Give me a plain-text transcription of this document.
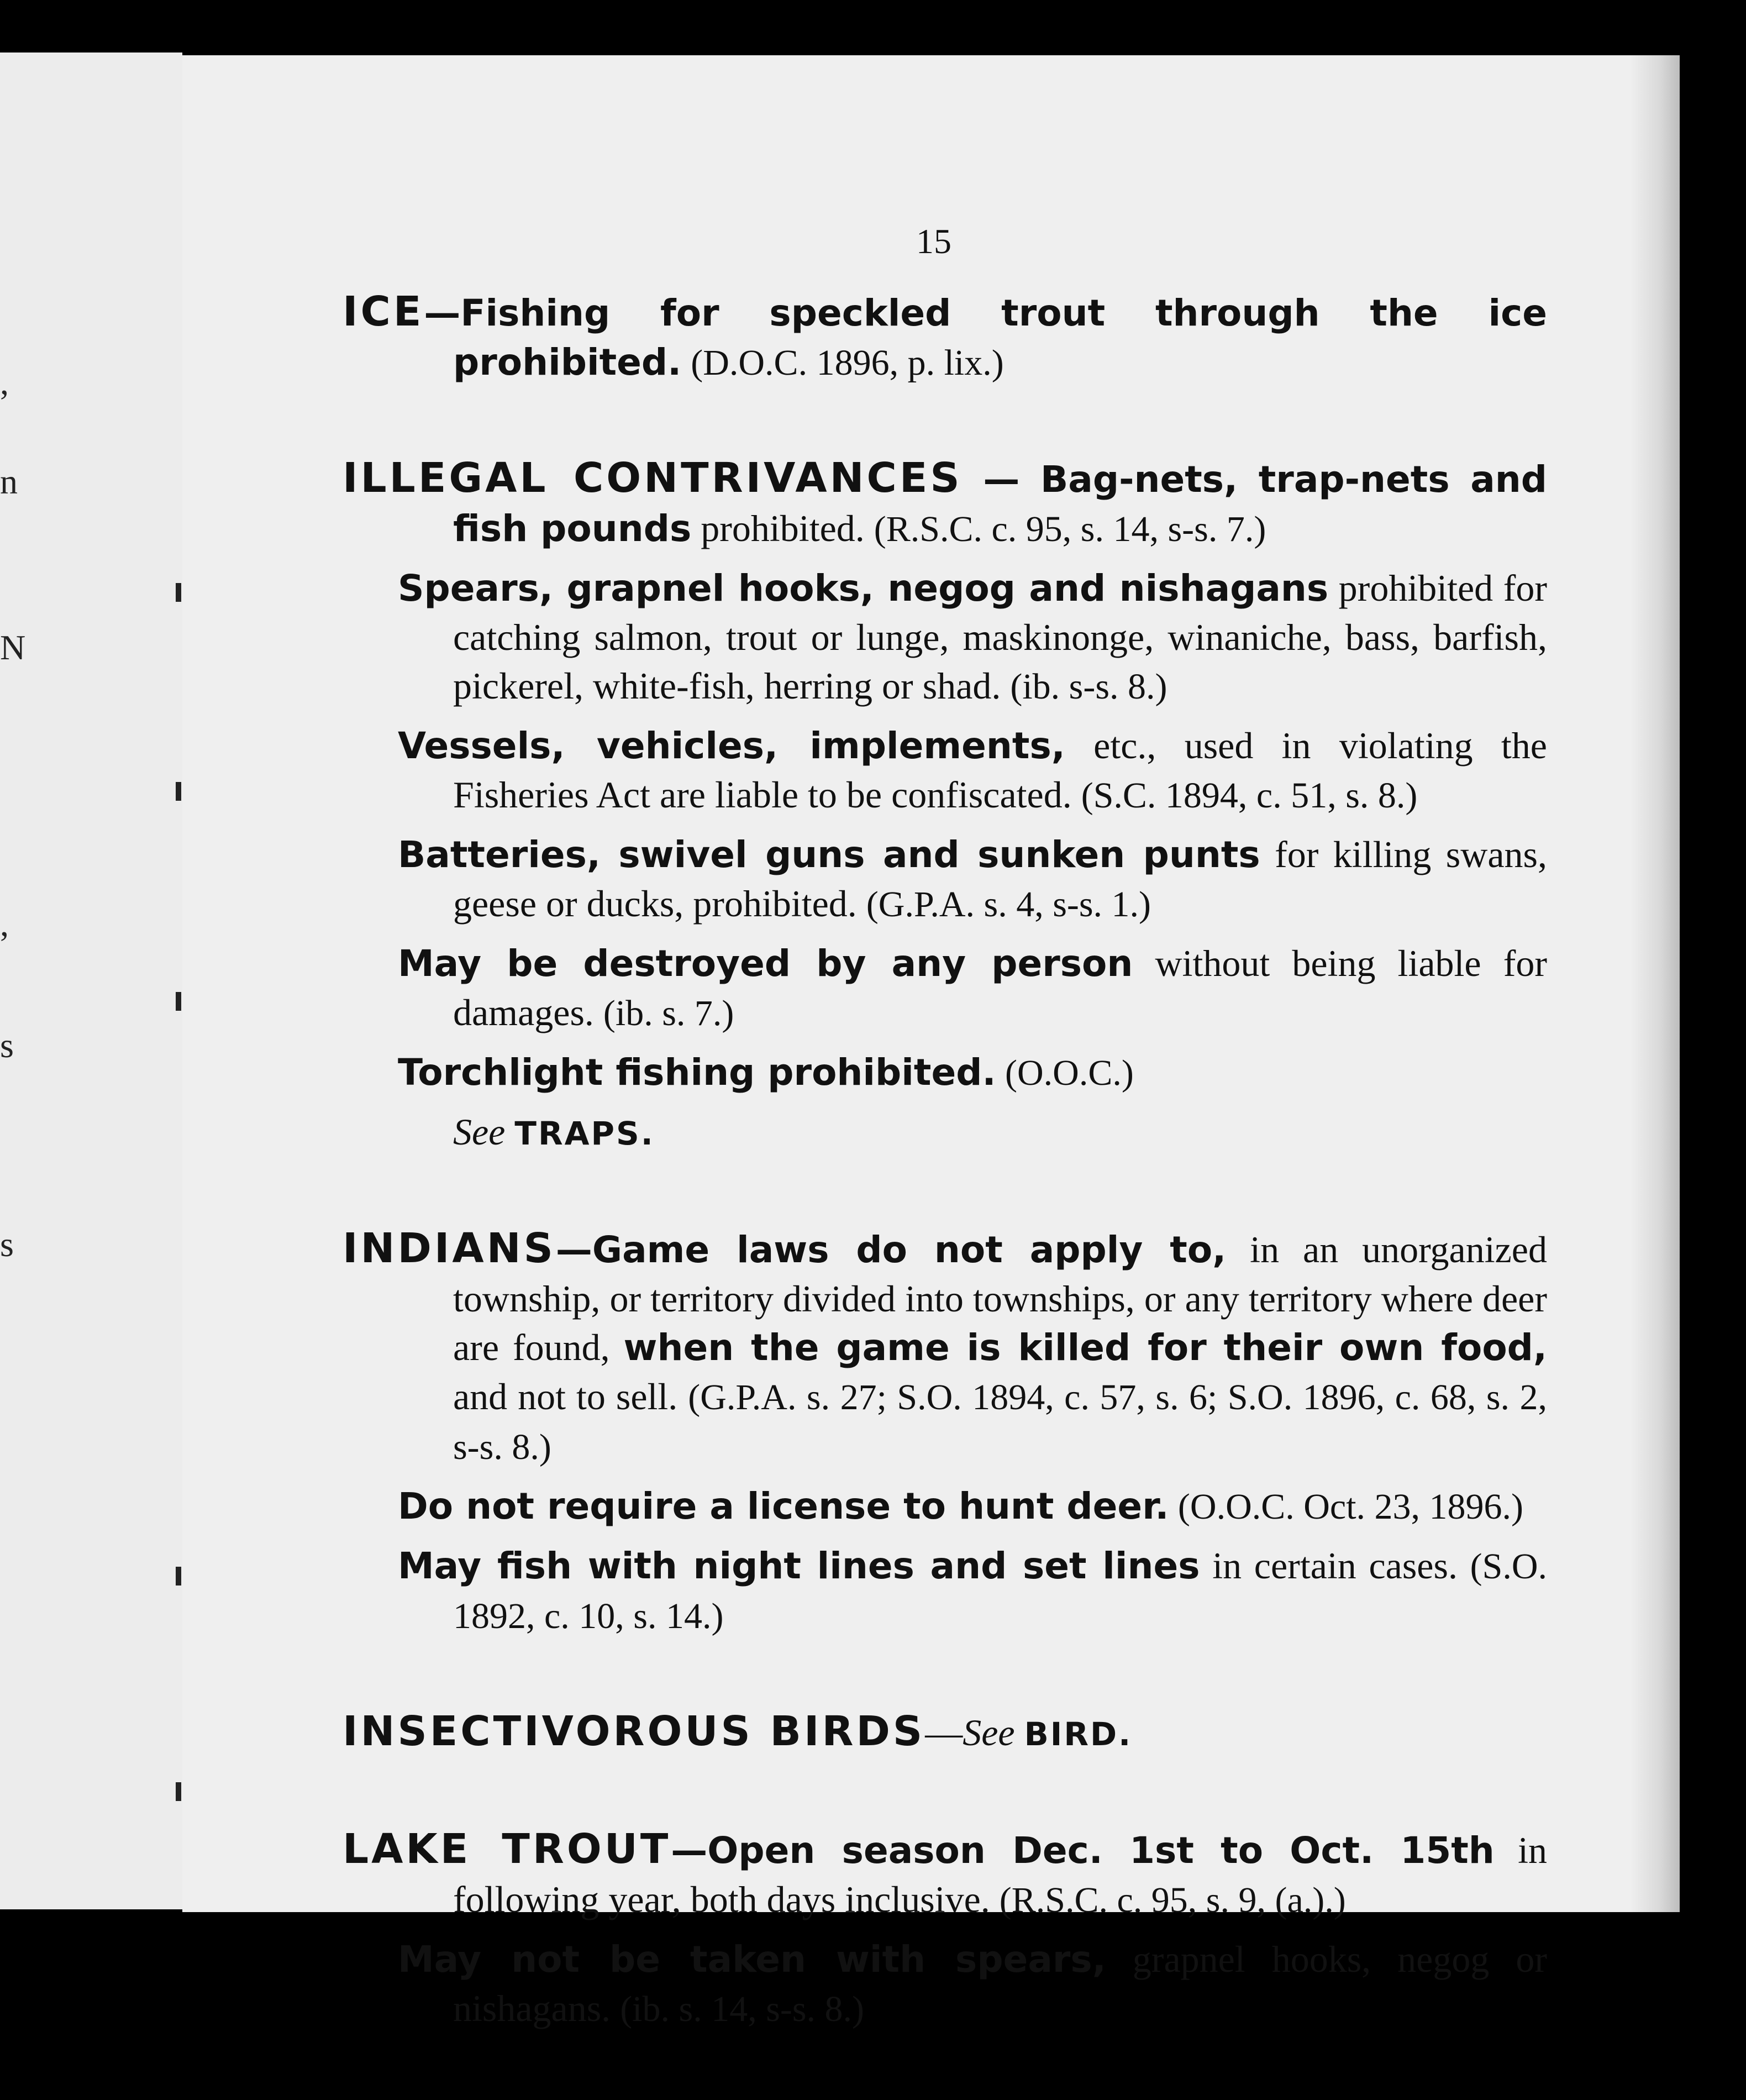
,
n
N
,
s
s
15

ICE—Fishing for speckled trout through the ice prohibited. (D.O.C. 1896, p. lix.)

ILLEGAL CONTRIVANCES — Bag-nets, trap-nets and fish pounds prohibited. (R.S.C. c. 95, s. 14, s-s. 7.)

Spears, grapnel hooks, negog and nishagans prohibited for catching salmon, trout or lunge, maskinonge, winaniche, bass, barfish, pickerel, white-fish, herring or shad. (ib. s-s. 8.)

Vessels, vehicles, implements, etc., used in violating the Fisheries Act are liable to be confiscated. (S.C. 1894, c. 51, s. 8.)

Batteries, swivel guns and sunken punts for killing swans, geese or ducks, prohibited. (G.P.A. s. 4, s-s. 1.)

May be destroyed by any person without being liable for damages. (ib. s. 7.)

Torchlight fishing prohibited. (O.O.C.)

See TRAPS.

INDIANS—Game laws do not apply to, in an unorganized township, or territory divided into townships, or any territory where deer are found, when the game is killed for their own food, and not to sell. (G.P.A. s. 27; S.O. 1894, c. 57, s. 6; S.O. 1896, c. 68, s. 2, s-s. 8.)

Do not require a license to hunt deer. (O.O.C. Oct. 23, 1896.)

May fish with night lines and set lines in certain cases. (S.O. 1892, c. 10, s. 14.)

INSECTIVOROUS BIRDS—See BIRD.

LAKE TROUT—Open season Dec. 1st to Oct. 15th in following year, both days inclusive. (R.S.C. c. 95, s. 9, (a.).)

May not be taken with spears, grapnel hooks, negog or nishagans. (ib. s. 14, s-s. 8.)
